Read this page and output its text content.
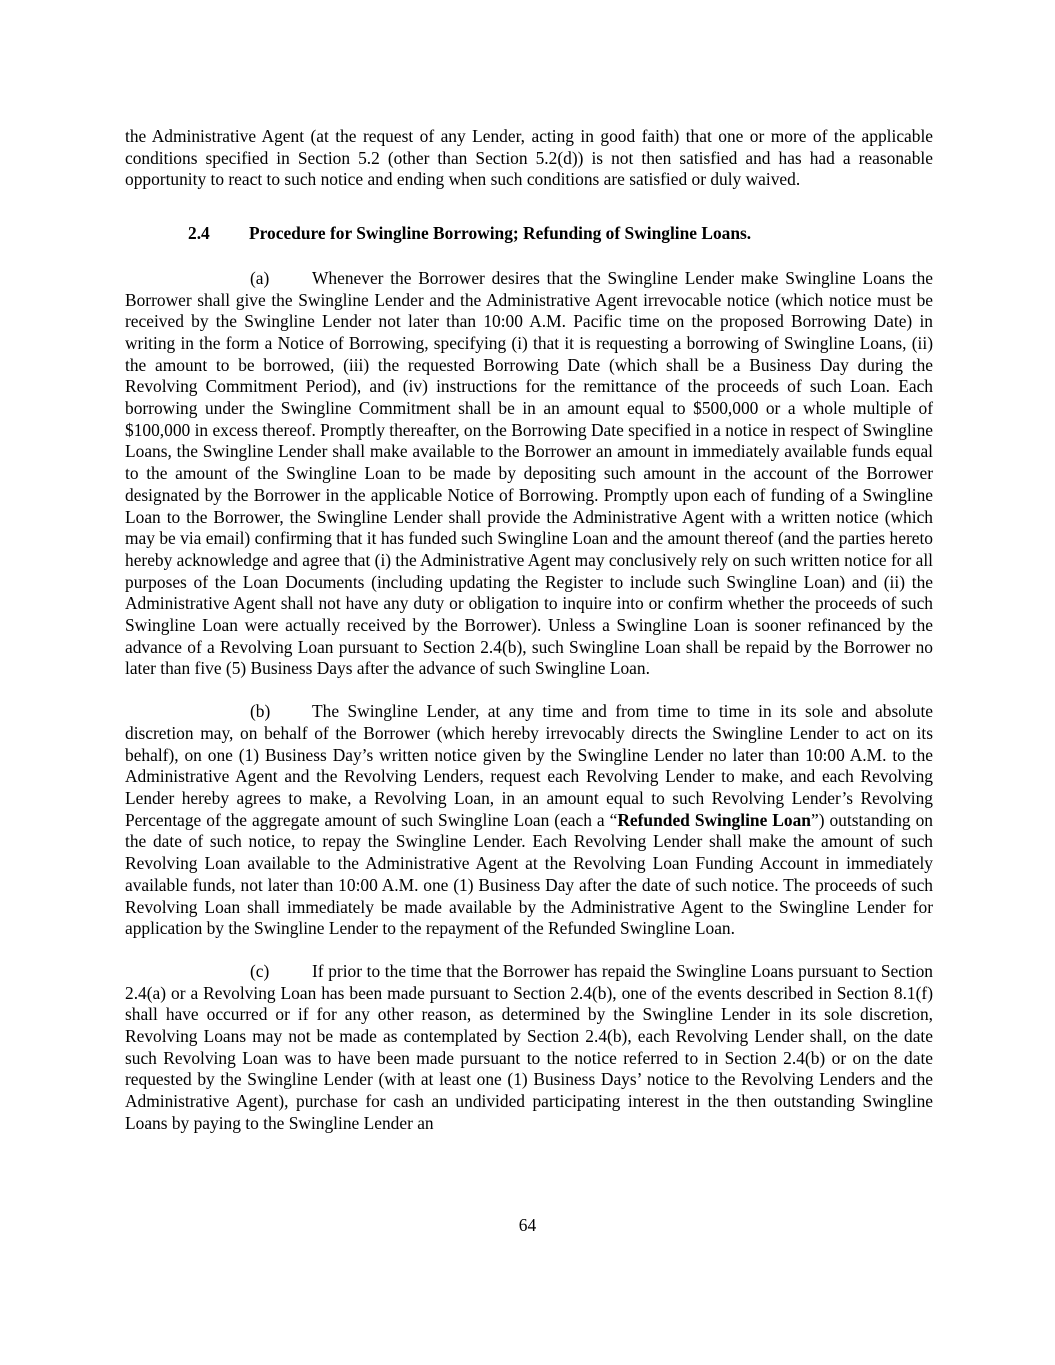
the Administrative Agent (at the request of any Lender, acting in good faith) that one or more of the applicable conditions specified in Section 5.2 (other than Section 5.2(d)) is not then satisfied and has had a reasonable opportunity to react to such notice and ending when such conditions are satisfied or duly waived.

2.4 Procedure for Swingline Borrowing; Refunding of Swingline Loans.

(a) Whenever the Borrower desires that the Swingline Lender make Swingline Loans the Borrower shall give the Swingline Lender and the Administrative Agent irrevocable notice (which notice must be received by the Swingline Lender not later than 10:00 A.M. Pacific time on the proposed Borrowing Date) in writing in the form a Notice of Borrowing, specifying (i) that it is requesting a borrowing of Swingline Loans, (ii) the amount to be borrowed, (iii) the requested Borrowing Date (which shall be a Business Day during the Revolving Commitment Period), and (iv) instructions for the remittance of the proceeds of such Loan. Each borrowing under the Swingline Commitment shall be in an amount equal to $500,000 or a whole multiple of $100,000 in excess thereof. Promptly thereafter, on the Borrowing Date specified in a notice in respect of Swingline Loans, the Swingline Lender shall make available to the Borrower an amount in immediately available funds equal to the amount of the Swingline Loan to be made by depositing such amount in the account of the Borrower designated by the Borrower in the applicable Notice of Borrowing. Promptly upon each of funding of a Swingline Loan to the Borrower, the Swingline Lender shall provide the Administrative Agent with a written notice (which may be via email) confirming that it has funded such Swingline Loan and the amount thereof (and the parties hereto hereby acknowledge and agree that (i) the Administrative Agent may conclusively rely on such written notice for all purposes of the Loan Documents (including updating the Register to include such Swingline Loan) and (ii) the Administrative Agent shall not have any duty or obligation to inquire into or confirm whether the proceeds of such Swingline Loan were actually received by the Borrower). Unless a Swingline Loan is sooner refinanced by the advance of a Revolving Loan pursuant to Section 2.4(b), such Swingline Loan shall be repaid by the Borrower no later than five (5) Business Days after the advance of such Swingline Loan.

(b) The Swingline Lender, at any time and from time to time in its sole and absolute discretion may, on behalf of the Borrower (which hereby irrevocably directs the Swingline Lender to act on its behalf), on one (1) Business Day’s written notice given by the Swingline Lender no later than 10:00 A.M. to the Administrative Agent and the Revolving Lenders, request each Revolving Lender to make, and each Revolving Lender hereby agrees to make, a Revolving Loan, in an amount equal to such Revolving Lender’s Revolving Percentage of the aggregate amount of such Swingline Loan (each a “Refunded Swingline Loan”) outstanding on the date of such notice, to repay the Swingline Lender. Each Revolving Lender shall make the amount of such Revolving Loan available to the Administrative Agent at the Revolving Loan Funding Account in immediately available funds, not later than 10:00 A.M. one (1) Business Day after the date of such notice. The proceeds of such Revolving Loan shall immediately be made available by the Administrative Agent to the Swingline Lender for application by the Swingline Lender to the repayment of the Refunded Swingline Loan.

(c) If prior to the time that the Borrower has repaid the Swingline Loans pursuant to Section 2.4(a) or a Revolving Loan has been made pursuant to Section 2.4(b), one of the events described in Section 8.1(f) shall have occurred or if for any other reason, as determined by the Swingline Lender in its sole discretion, Revolving Loans may not be made as contemplated by Section 2.4(b), each Revolving Lender shall, on the date such Revolving Loan was to have been made pursuant to the notice referred to in Section 2.4(b) or on the date requested by the Swingline Lender (with at least one (1) Business Days’ notice to the Revolving Lenders and the Administrative Agent), purchase for cash an undivided participating interest in the then outstanding Swingline Loans by paying to the Swingline Lender an

64
